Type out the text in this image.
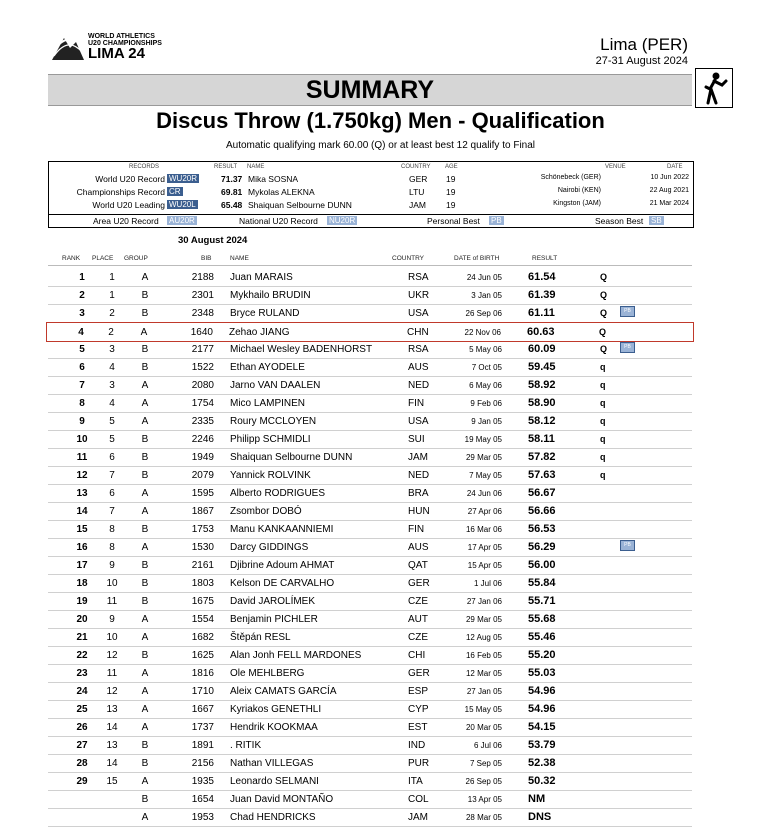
WORLD ATHLETICS
U20 CHAMPIONSHIPS
LIMA 24	Lima (PER)
27-31 August 2024
SUMMARY
Discus Throw (1.750kg) Men - Qualification
Automatic qualifying mark 60.00 (Q) or at least best 12 qualify to Final
RECORDS	RESULT NAME	COUNTRY AGE	VENUE	DATE
World U20 Record WU20R	71.37 Mika SOSNA	GER 19	Schönebeck (GER)	10 Jun 2022
Championships Record CR	69.81 Mykolas ALEKNA	LTU	19	Nairobi (KEN)	22 Aug 2021
World U20 Leading WU20L	65.48 Shaiquan Selbourne DUNN	JAM 19	Kingston (JAM)	21 Mar 2024
Area U20 Record AU20R	National U20 Record NU20R	Personal Best PB	Season Best SB
30 August 2024
RANK PLACE GROUP	BIB	NAME	COUNTRY	DATE of BIRTH	RESULT
1	1	A	2188 Juan MARAIS	RSA	24 Jun 05 61.54	Q
2	1	B	2301 Mykhailo BRUDIN	UKR	3 Jan 05 61.39	Q
3	2	B	2348 Bryce RULAND	USA	26 Sep 06 61.11	Q	PB
4	2	A	1640 Zehao JIANG	CHN	22 Nov 06 60.63	Q
5	3	B	2177 Michael Wesley BADENHORST	RSA	5 May 06 60.09	Q	PB
6	4	B	1522 Ethan AYODELE	AUS	7 Oct 05 59.45	q
7	3	A	2080 Jarno VAN DAALEN	NED	6 May 06 58.92	q
8	4	A	1754 Mico LAMPINEN	FIN	9 Feb 06 58.90	q
9	5	A	2335 Roury MCCLOYEN	USA	9 Jan 05 58.12	q
10	5	B	2246 Philipp SCHMIDLI	SUI	19 May 05 58.11	q
11	6	B	1949 Shaiquan Selbourne DUNN	JAM	29 Mar 05 57.82	q
12	7	B	2079 Yannick ROLVINK	NED	7 May 05 57.63	q
13	6	A	1595 Alberto RODRIGUES	BRA	24 Jun 06 56.67
14	7	A	1867 Zsombor DOBÓ	HUN	27 Apr 06 56.66
15	8	B	1753 Manu KANKAANNIEMI	FIN	16 Mar 06 56.53
16	8	A	1530 Darcy GIDDINGS	AUS	17 Apr 05 56.29	PB
17	9	B	2161 Djibrine Adoum AHMAT	QAT	15 Apr 05 56.00
18 10	B	1803 Kelson DE CARVALHO	GER	1 Jul 06 55.84
19 11	B	1675 David JAROLÍMEK	CZE	27 Jan 06 55.71
20	9	A	1554 Benjamin PICHLER	AUT	29 Mar 05 55.68
21 10	A	1682 Štěpán RESL	CZE	12 Aug 05 55.46
22 12	B	1625 Alan Jonh FELL MARDONES	CHI	16 Feb 05 55.20
23 11	A	1816 Ole MEHLBERG	GER	12 Mar 05 55.03
24 12	A	1710 Aleix CAMATS GARCÍA	ESP	27 Jan 05 54.96
25 13	A	1667 Kyriakos GENETHLI	CYP	15 May 05 54.96
26 14	A	1737 Hendrik KOOKMAA	EST	20 Mar 05 54.15
27 13	B	1891 . RITIK	IND	6 Jul 06 53.79
28 14	B	2156 Nathan VILLEGAS	PUR	7 Sep 05 52.38
29 15	A	1935 Leonardo SELMANI	ITA	26 Sep 05 50.32
B	1654 Juan David MONTAÑO	COL	13 Apr 05 NM
A	1953 Chad HENDRICKS	JAM	28 Mar 05 DNS
